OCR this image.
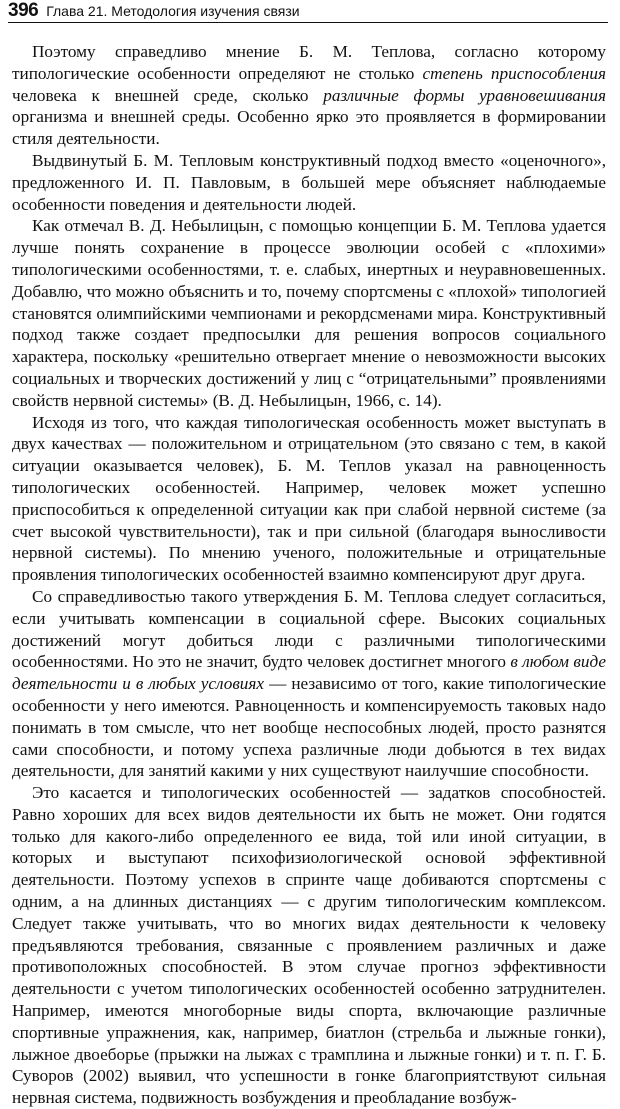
396 Глава 21. Методология изучения связи

Поэтому справедливо мнение Б. М. Теплова, согласно которому типологические особенности определяют не столько степень приспособления человека к внешней среде, сколько различные формы уравновешивания организма и внешней среды. Особенно ярко это проявляется в формировании стиля деятельности.

Выдвинутый Б. М. Тепловым конструктивный подход вместо «оценочного», предложенного И. П. Павловым, в большей мере объясняет наблюдаемые особенности поведения и деятельности людей.

Как отмечал В. Д. Небылицын, с помощью концепции Б. М. Теплова удается лучше понять сохранение в процессе эволюции особей с «плохими» типологическими особенностями, т. е. слабых, инертных и неуравновешенных. Добавлю, что можно объяснить и то, почему спортсмены с «плохой» типологией становятся олимпийскими чемпионами и рекордсменами мира. Конструктивный подход также создает предпосылки для решения вопросов социального характера, поскольку «решительно отвергает мнение о невозможности высоких социальных и творческих достижений у лиц с “отрицательными” проявлениями свойств нервной системы» (В. Д. Небылицын, 1966, с. 14).

Исходя из того, что каждая типологическая особенность может выступать в двух качествах — положительном и отрицательном (это связано с тем, в какой ситуации оказывается человек), Б. М. Теплов указал на равноценность типологических особенностей. Например, человек может успешно приспособиться к определенной ситуации как при слабой нервной системе (за счет высокой чувствительности), так и при сильной (благодаря выносливости нервной системы). По мнению ученого, положительные и отрицательные проявления типологических особенностей взаимно компенсируют друг друга.

Со справедливостью такого утверждения Б. М. Теплова следует согласиться, если учитывать компенсации в социальной сфере. Высоких социальных достижений могут добиться люди с различными типологическими особенностями. Но это не значит, будто человек достигнет многого в любом виде деятельности и в любых условиях — независимо от того, какие типологические особенности у него имеются. Равноценность и компенсируемость таковых надо понимать в том смысле, что нет вообще неспособных людей, просто разнятся сами способности, и потому успеха различные люди добьются в тех видах деятельности, для занятий какими у них существуют наилучшие способности.

Это касается и типологических особенностей — задатков способностей. Равно хороших для всех видов деятельности их быть не может. Они годятся только для какого-либо определенного ее вида, той или иной ситуации, в которых и выступают психофизиологической основой эффективной деятельности. Поэтому успехов в спринте чаще добиваются спортсмены с одним, а на длинных дистанциях — с другим типологическим комплексом. Следует также учитывать, что во многих видах деятельности к человеку предъявляются требования, связанные с проявлением различных и даже противоположных способностей. В этом случае прогноз эффективности деятельности с учетом типологических особенностей особенно затруднителен. Например, имеются многоборные виды спорта, включающие различные спортивные упражнения, как, например, биатлон (стрельба и лыжные гонки), лыжное двоеборье (прыжки на лыжах с трамплина и лыжные гонки) и т. п. Г. Б. Суворов (2002) выявил, что успешности в гонке благоприятствуют сильная нервная система, подвижность возбуждения и преобладание возбуж-
